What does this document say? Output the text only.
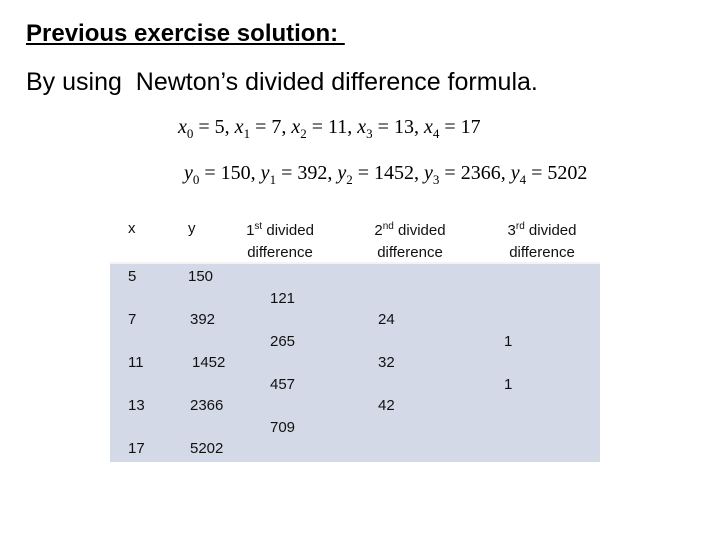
Previous exercise solution:
By using  Newton’s divided difference formula.
$x_0 = 5$, $x_1 = 7$, $x_2 = 11$, $x_3 = 13$, $x_4 = 17$
$y_0 = 150$, $y_1 = 392$, $y_2 = 1452$, $y_3 = 2366$, $y_4 = 5202$
x	y	1st divided
difference
2nd divided
difference
3rd divided
difference
5
7
11
13
17
150
392
1452
2366
5202
121
265
457
709
24
32
42
1
1
